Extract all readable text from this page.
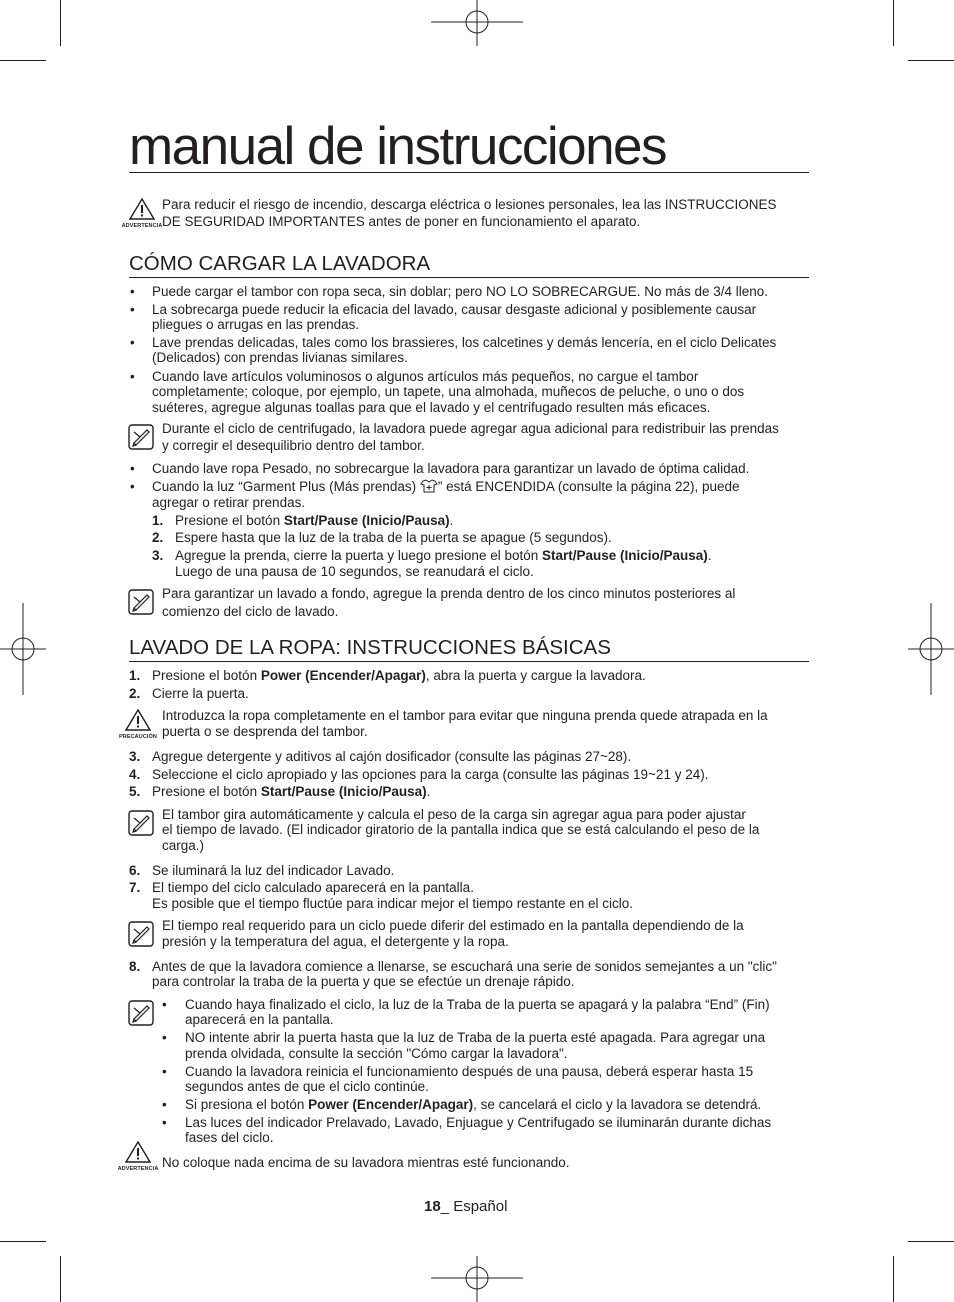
manual de instrucciones
ADVERTENCIA
Para reducir el riesgo de incendio, descarga eléctrica o lesiones personales, lea las INSTRUCCIONES
DE SEGURIDAD IMPORTANTES antes de poner en funcionamiento el aparato.
CÓMO CARGAR LA LAVADORA
• Puede cargar el tambor con ropa seca, sin doblar; pero NO LO SOBRECARGUE. No más de 3/4 lleno.
• La sobrecarga puede reducir la eficacia del lavado, causar desgaste adicional y posiblemente causar
pliegues o arrugas en las prendas.
• Lave prendas delicadas, tales como los brassieres, los calcetines y demás lencería, en el ciclo Delicates
(Delicados) con prendas livianas similares.
• Cuando lave artículos voluminosos o algunos artículos más pequeños, no cargue el tambor
completamente; coloque, por ejemplo, un tapete, una almohada, muñecos de peluche, o uno o dos
suéteres, agregue algunas toallas para que el lavado y el centrifugado resulten más eficaces.
Durante el ciclo de centrifugado, la lavadora puede agregar agua adicional para redistribuir las prendas
y corregir el desequilibrio dentro del tambor.
• Cuando lave ropa Pesado, no sobrecargue la lavadora para garantizar un lavado de óptima calidad.
• Cuando la luz “Garment Plus (Más prendas) ” está ENCENDIDA (consulte la página 22), puede
agregar o retirar prendas.
1. Presione el botón Start/Pause (Inicio/Pausa).
2. Espere hasta que la luz de la traba de la puerta se apague (5 segundos).
3. Agregue la prenda, cierre la puerta y luego presione el botón Start/Pause (Inicio/Pausa).
Luego de una pausa de 10 segundos, se reanudará el ciclo.
Para garantizar un lavado a fondo, agregue la prenda dentro de los cinco minutos posteriores al
comienzo del ciclo de lavado.
LAVADO DE LA ROPA: INSTRUCCIONES BÁSICAS
1. Presione el botón Power (Encender/Apagar), abra la puerta y cargue la lavadora.
2. Cierre la puerta.
PRECAUCIÓN
Introduzca la ropa completamente en el tambor para evitar que ninguna prenda quede atrapada en la
puerta o se desprenda del tambor.
3. Agregue detergente y aditivos al cajón dosificador (consulte las páginas 27~28).
4. Seleccione el ciclo apropiado y las opciones para la carga (consulte las páginas 19~21 y 24).
5. Presione el botón Start/Pause (Inicio/Pausa).
El tambor gira automáticamente y calcula el peso de la carga sin agregar agua para poder ajustar
el tiempo de lavado. (El indicador giratorio de la pantalla indica que se está calculando el peso de la
carga.)
6. Se iluminará la luz del indicador Lavado.
7. El tiempo del ciclo calculado aparecerá en la pantalla.
Es posible que el tiempo fluctúe para indicar mejor el tiempo restante en el ciclo.
El tiempo real requerido para un ciclo puede diferir del estimado en la pantalla dependiendo de la
presión y la temperatura del agua, el detergente y la ropa.
8. Antes de que la lavadora comience a llenarse, se escuchará una serie de sonidos semejantes a un "clic"
para controlar la traba de la puerta y que se efectúe un drenaje rápido.
• Cuando haya finalizado el ciclo, la luz de la Traba de la puerta se apagará y la palabra “End” (Fin)
aparecerá en la pantalla.
• NO intente abrir la puerta hasta que la luz de Traba de la puerta esté apagada. Para agregar una
prenda olvidada, consulte la sección "Cómo cargar la lavadora".
• Cuando la lavadora reinicia el funcionamiento después de una pausa, deberá esperar hasta 15
segundos antes de que el ciclo continúe.
• Si presiona el botón Power (Encender/Apagar), se cancelará el ciclo y la lavadora se detendrá.
• Las luces del indicador Prelavado, Lavado, Enjuague y Centrifugado se iluminarán durante dichas
fases del ciclo.
ADVERTENCIA No coloque nada encima de su lavadora mientras esté funcionando.
18_ Español
